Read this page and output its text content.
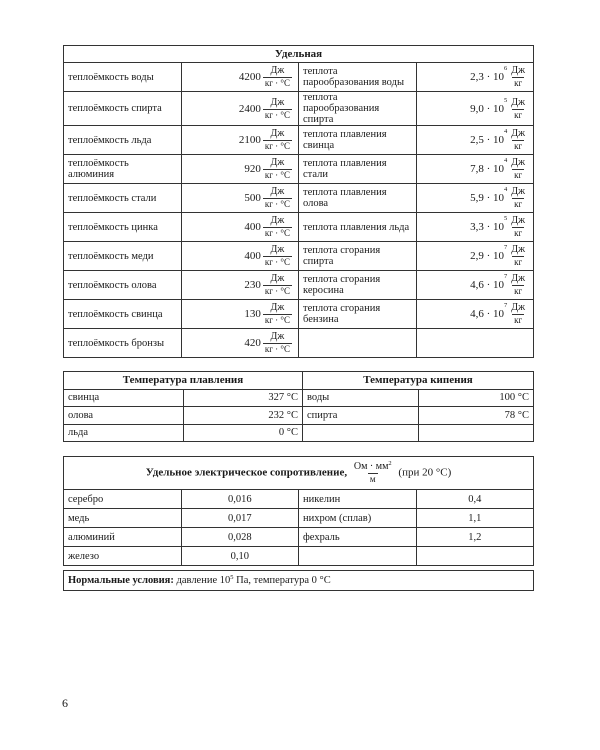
Удельная			
теплоёмкость воды	$4200 \frac{Дж}{кг \cdot ^\circ С}$	теплота парообразования воды	$2,3 \cdot 10^6 \frac{Дж}{кг}$

теплоёмкость спирта	$2400 \frac{Дж}{кг \cdot ^\circ С}$	теплота парообразования спирта	$9,0 \cdot 10^5 \frac{Дж}{кг}$

теплоёмкость льда	$2100 \frac{Дж}{кг \cdot ^\circ С}$	теплота плавления свинца	$2,5 \cdot 10^4 \frac{Дж}{кг}$

теплоёмкость алюминия	$920 \frac{Дж}{кг \cdot ^\circ С}$	теплота плавления стали	$7,8 \cdot 10^4 \frac{Дж}{кг}$

теплоёмкость стали	$500 \frac{Дж}{кг \cdot ^\circ С}$	теплота плавления олова	$5,9 \cdot 10^4 \frac{Дж}{кг}$

теплоёмкость цинка	$400 \frac{Дж}{кг \cdot ^\circ С}$	теплота плавления льда	$3,3 \cdot 10^5 \frac{Дж}{кг}$

теплоёмкость меди	$400 \frac{Дж}{кг \cdot ^\circ С}$	теплота сгорания спирта	$2,9 \cdot 10^7 \frac{Дж}{кг}$

теплоёмкость олова	$230 \frac{Дж}{кг \cdot ^\circ С}$	теплота сгорания керосина	$4,6 \cdot 10^7 \frac{Дж}{кг}$

теплоёмкость свинца	$130 \frac{Дж}{кг \cdot ^\circ С}$	теплота сгорания бензина	$4,6 \cdot 10^7 \frac{Дж}{кг}$

теплоёмкость бронзы	$420 \frac{Дж}{кг \cdot ^\circ С}$

Температура плавления		Температура кипения	
свинца	327 °С	воды	100 °С
олова	232 °С	спирта	78 °С
льда	0 °С		
Удельное электрическое сопротивление, $\frac{Ом \cdot мм^2}{м} (при$ 20 °С)			
серебро	0,016	никелин	0,4
медь	0,017	нихром (сплав)	1,1
алюминий	0,028	фехраль	1,2
железо	0,10		
Нормальные условия: давление $10^5$ Па, температура 0 °С
6
